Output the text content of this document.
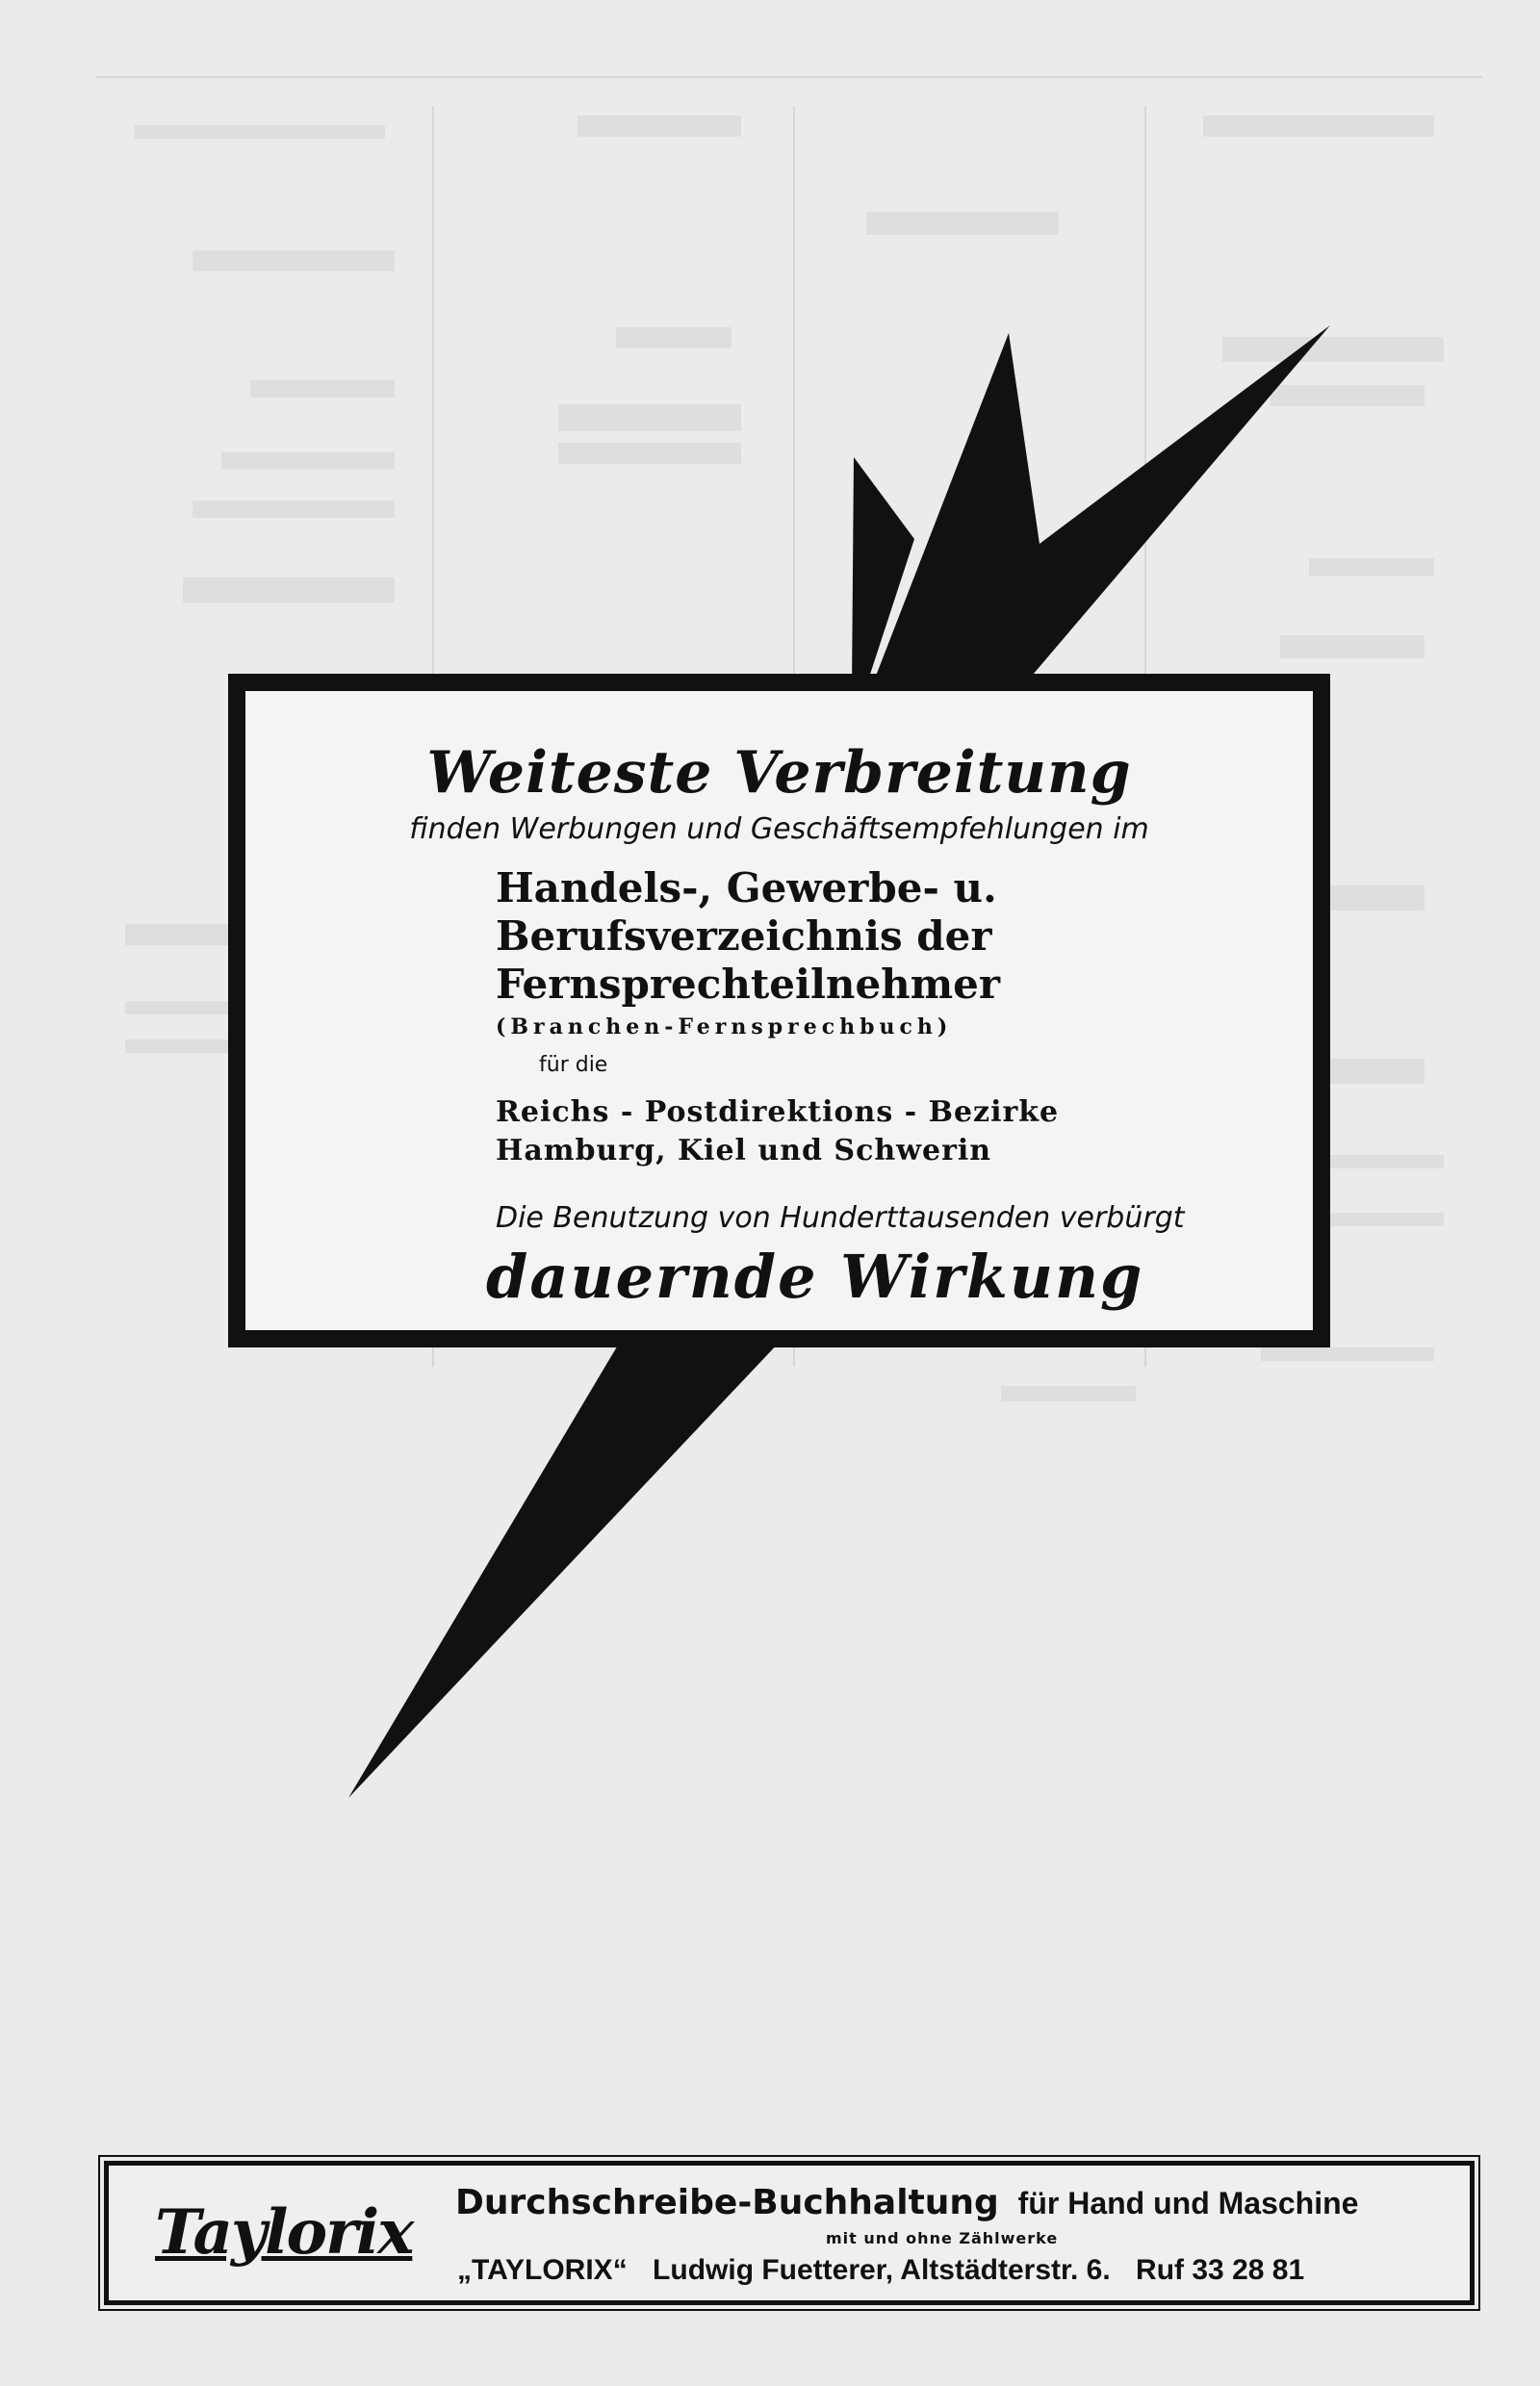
Weiteste Verbreitung
finden Werbungen und Geschäftsempfehlungen im
Handels-, Gewerbe- u.
Berufsverzeichnis der
Fernsprechteilnehmer
(Branchen-Fernsprechbuch)
für die
Reichs - Postdirektions - Bezirke
Hamburg, Kiel und Schwerin
Die Benutzung von Hunderttausenden verbürgt
dauernde Wirkung
Taylorix Durchschreibe-Buchhaltung für Hand und Maschine
mit und ohne Zählwerke
„TAYLORIX“ Ludwig Fuetterer, Altstädterstr. 6. Ruf 33 28 81
